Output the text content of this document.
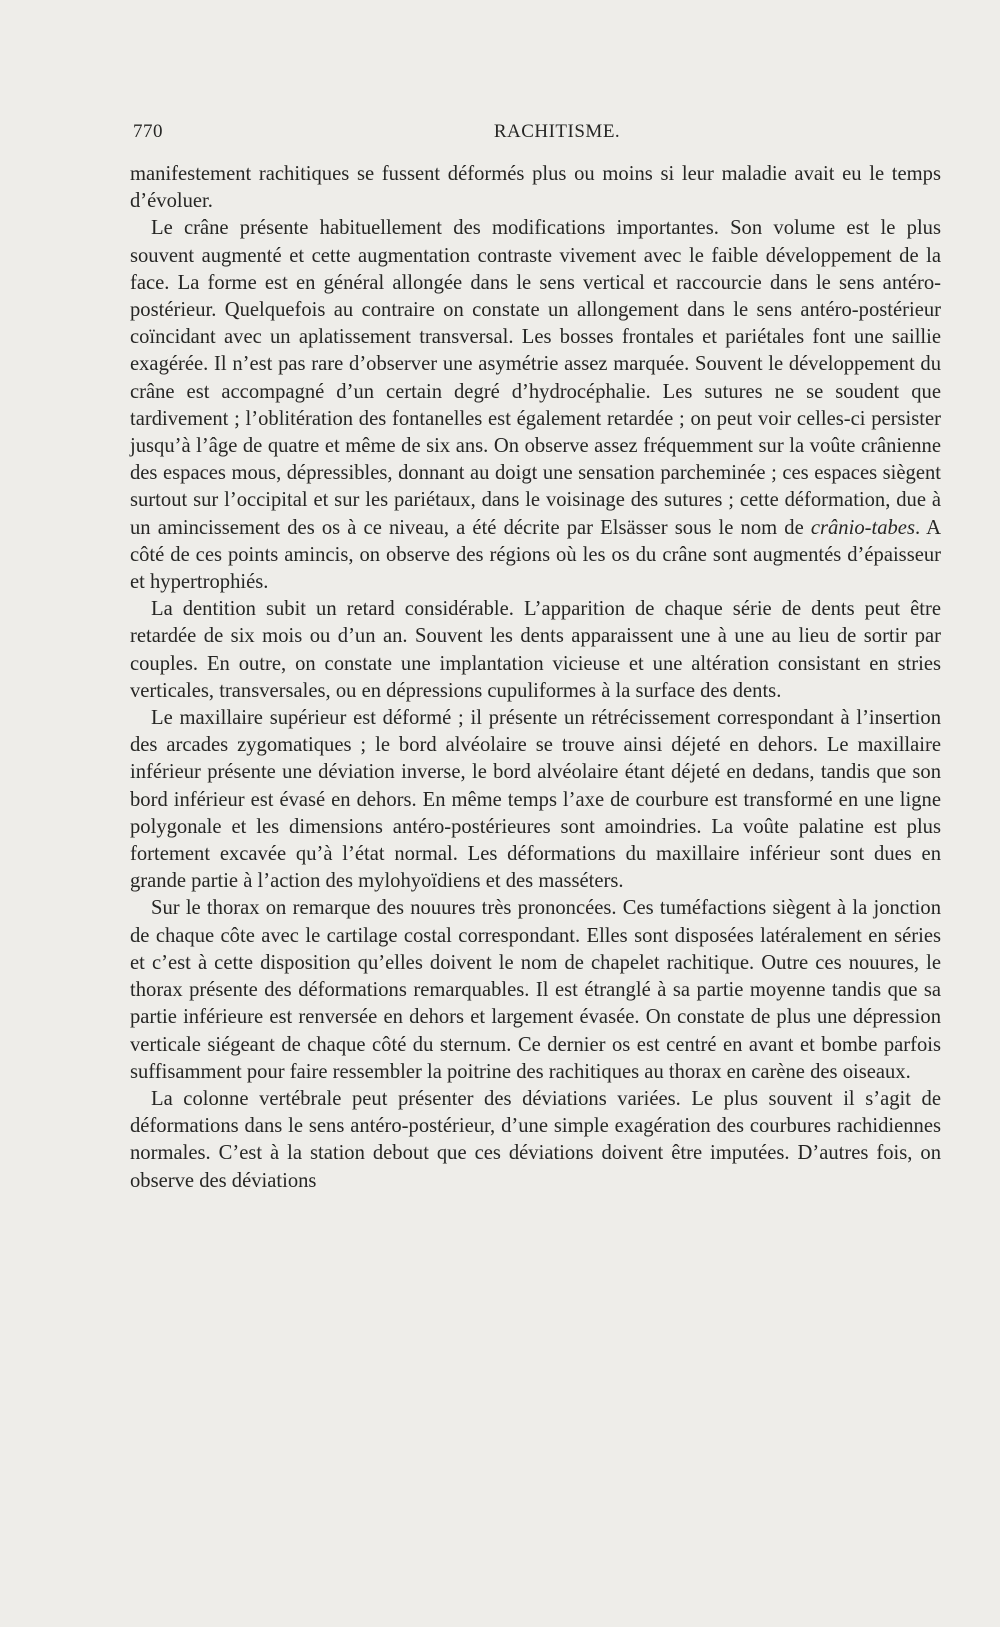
770	RACHITISME.

manifestement rachitiques se fussent déformés plus ou moins si leur maladie avait eu le temps d’évoluer.

Le crâne présente habituellement des modifications importantes. Son volume est le plus souvent augmenté et cette augmentation contraste vivement avec le faible développement de la face. La forme est en général allongée dans le sens vertical et raccourcie dans le sens antéro-postérieur. Quelquefois au contraire on constate un allongement dans le sens antéro-postérieur coïncidant avec un aplatissement transversal. Les bosses frontales et pariétales font une saillie exagérée. Il n’est pas rare d’observer une asymétrie assez marquée. Souvent le développement du crâne est accompagné d’un certain degré d’hydrocéphalie. Les sutures ne se soudent que tardivement ; l’oblitération des fontanelles est également retardée ; on peut voir celles-ci persister jusqu’à l’âge de quatre et même de six ans. On observe assez fréquemment sur la voûte crânienne des espaces mous, dépressibles, donnant au doigt une sensation parcheminée ; ces espaces siègent surtout sur l’occipital et sur les pariétaux, dans le voisinage des sutures ; cette déformation, due à un amincissement des os à ce niveau, a été décrite par Elsässer sous le nom de crânio-tabes. A côté de ces points amincis, on observe des régions où les os du crâne sont augmentés d’épaisseur et hypertrophiés.

La dentition subit un retard considérable. L’apparition de chaque série de dents peut être retardée de six mois ou d’un an. Souvent les dents apparaissent une à une au lieu de sortir par couples. En outre, on constate une implantation vicieuse et une altération consistant en stries verticales, transversales, ou en dépressions cupuliformes à la surface des dents.

Le maxillaire supérieur est déformé ; il présente un rétrécissement correspondant à l’insertion des arcades zygomatiques ; le bord alvéolaire se trouve ainsi déjeté en dehors. Le maxillaire inférieur présente une déviation inverse, le bord alvéolaire étant déjeté en dedans, tandis que son bord inférieur est évasé en dehors. En même temps l’axe de courbure est transformé en une ligne polygonale et les dimensions antéro-postérieures sont amoindries. La voûte palatine est plus fortement excavée qu’à l’état normal. Les déformations du maxillaire inférieur sont dues en grande partie à l’action des mylohyoïdiens et des masséters.

Sur le thorax on remarque des nouures très prononcées. Ces tuméfactions siègent à la jonction de chaque côte avec le cartilage costal correspondant. Elles sont disposées latéralement en séries et c’est à cette disposition qu’elles doivent le nom de chapelet rachitique. Outre ces nouures, le thorax présente des déformations remarquables. Il est étranglé à sa partie moyenne tandis que sa partie inférieure est renversée en dehors et largement évasée. On constate de plus une dépression verticale siégeant de chaque côté du sternum. Ce dernier os est centré en avant et bombe parfois suffisamment pour faire ressembler la poitrine des rachitiques au thorax en carène des oiseaux.

La colonne vertébrale peut présenter des déviations variées. Le plus souvent il s’agit de déformations dans le sens antéro-postérieur, d’une simple exagération des courbures rachidiennes normales. C’est à la station debout que ces déviations doivent être imputées. D’autres fois, on observe des déviations
